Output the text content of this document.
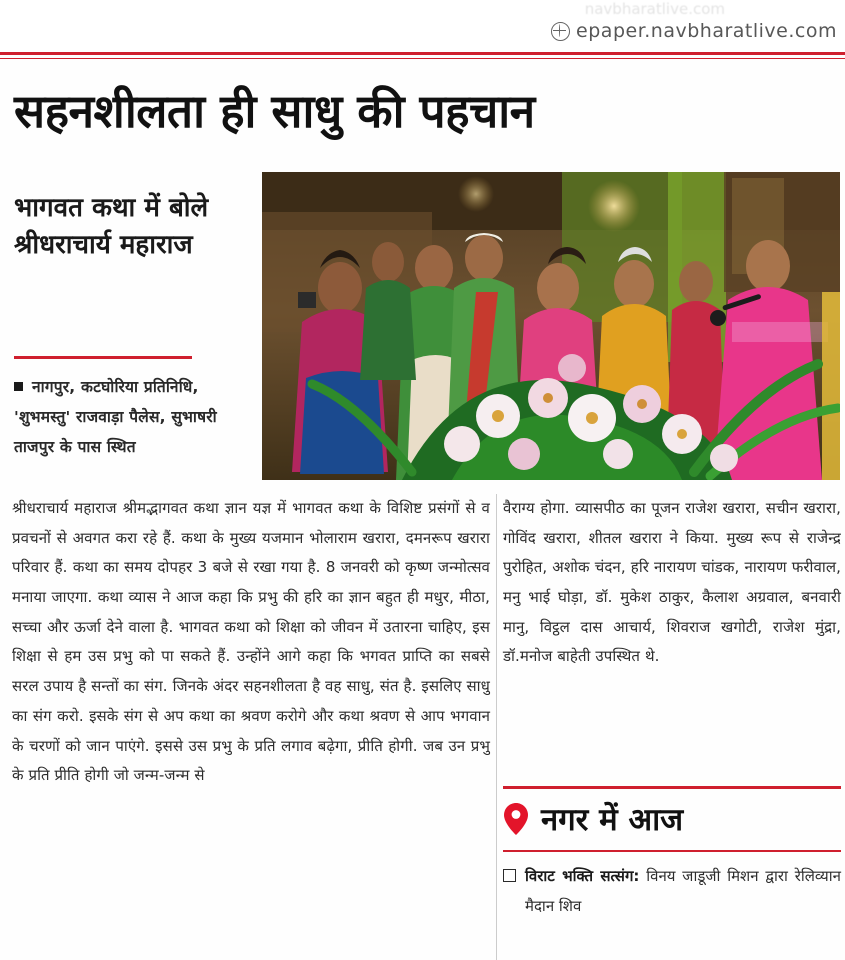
navbharatlive.com
epaper.navbharatlive.com
सहनशीलता ही साधु की पहचान
भागवत कथा में बोले श्रीधराचार्य महाराज
नागपुर, कटघोरिया प्रतिनिधि, 'शुभमस्तु' राजवाड़ा पैलेस, सुभाषरी ताजपुर के पास स्थित
श्रीधराचार्य महाराज श्रीमद्भागवत कथा ज्ञान यज्ञ में भागवत कथा के विशिष्ट प्रसंगों से व प्रवचनों से अवगत करा रहे हैं. कथा के मुख्य यजमान भोलाराम खरारा, दमनरूप खरारा परिवार हैं. कथा का समय दोपहर 3 बजे से रखा गया है. 8 जनवरी को कृष्ण जन्मोत्सव मनाया जाएगा. कथा व्यास ने आज कहा कि प्रभु की हरि का ज्ञान बहुत ही मधुर, मीठा, सच्चा और ऊर्जा देने वाला है. भागवत कथा को शिक्षा को जीवन में उतारना चाहिए, इस शिक्षा से हम उस प्रभु को पा सकते हैं. उन्होंने आगे कहा कि भगवत प्राप्ति का सबसे सरल उपाय है सन्तों का संग. जिनके अंदर सहनशीलता है वह साधु, संत है. इसलिए साधु का संग करो. इसके संग से अप कथा का श्रवण करोगे और कथा श्रवण से आप भगवान के चरणों को जान पाएंगे. इससे उस प्रभु के प्रति लगाव बढ़ेगा, प्रीति होगी. जब उन प्रभु के प्रति प्रीति होगी जो जन्म-जन्म से
वैराग्य होगा. व्यासपीठ का पूजन राजेश खरारा, सचीन खरारा, गोविंद खरारा, शीतल खरारा ने किया. मुख्य रूप से राजेन्द्र पुरोहित, अशोक चंदन, हरि नारायण चांडक, नारायण फरीवाल, मनु भाई घोड़ा, डॉ. मुकेश ठाकुर, कैलाश अग्रवाल, बनवारी मानु, विट्ठल दास आचार्य, शिवराज खगोटी, राजेश मुंद्रा, डॉ.मनोज बाहेती उपस्थित थे.
नगर में आज
विराट भक्ति सत्संग: विनय जाडूजी मिशन द्वारा रेलिव्यान मैदान शिव
